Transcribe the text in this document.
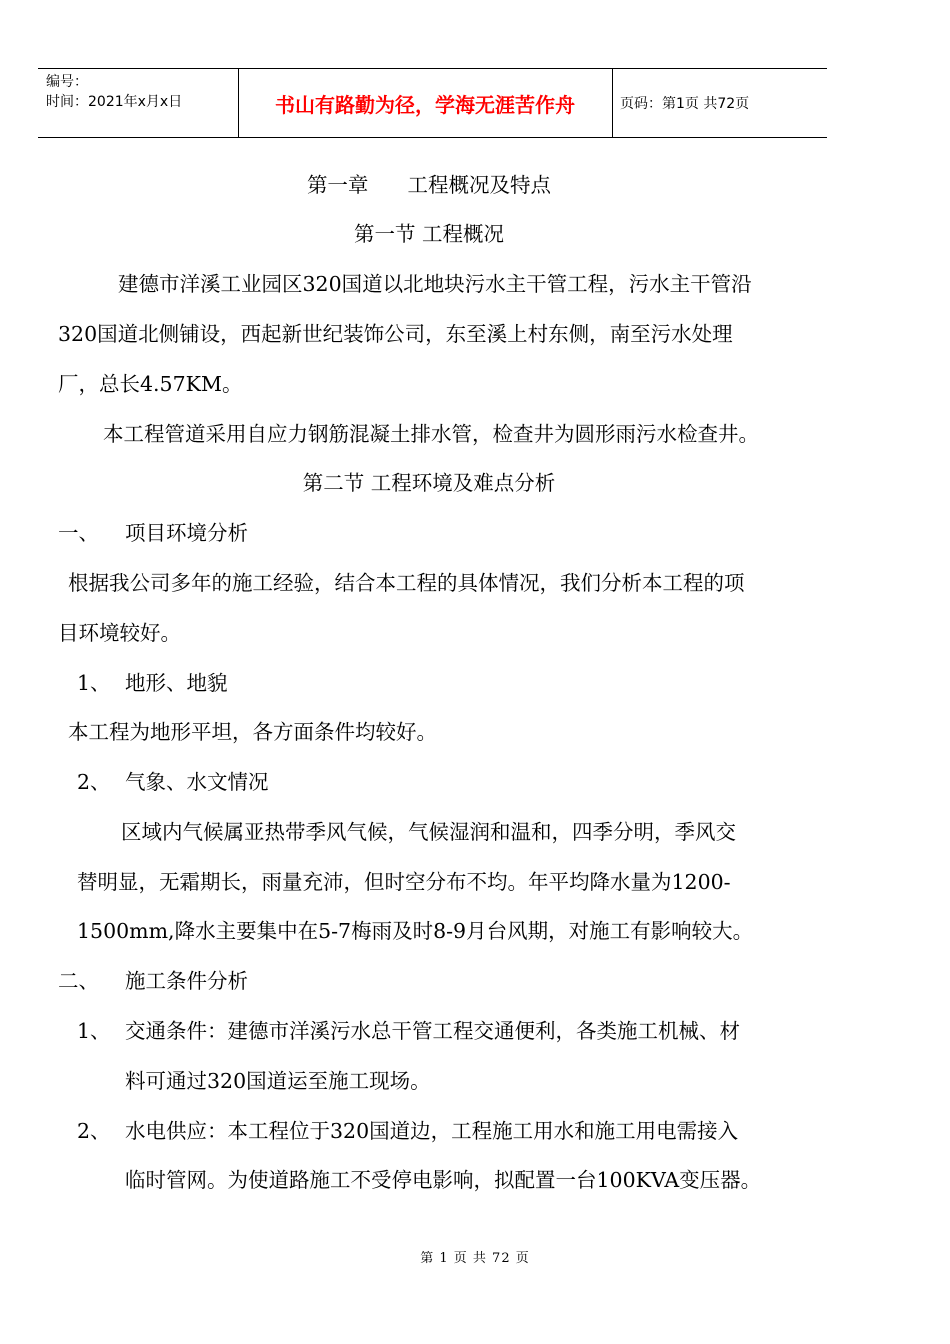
编号：
时间：2021年x月x日	书山有路勤为径，学海无涯苦作舟	页码：第1页 共72页
第一章      工程概况及特点
第一节 工程概况
建德市洋溪工业园区320国道以北地块污水主干管工程，污水主干管沿
320国道北侧铺设，西起新世纪装饰公司，东至溪上村东侧，南至污水处理
厂，总长4.57KM。
本工程管道采用自应力钢筋混凝土排水管，检查井为圆形雨污水检查井。
第二节 工程环境及难点分析
一、 项目环境分析
根据我公司多年的施工经验，结合本工程的具体情况，我们分析本工程的项
目环境较好。
1、 地形、地貌
本工程为地形平坦，各方面条件均较好。
2、 气象、水文情况
区域内气候属亚热带季风气候，气候湿润和温和，四季分明，季风交
替明显，无霜期长，雨量充沛，但时空分布不均。年平均降水量为1200-
1500mm,降水主要集中在5-7梅雨及时8-9月台风期，对施工有影响较大。
二、 施工条件分析
1、 交通条件：建德市洋溪污水总干管工程交通便利，各类施工机械、材
料可通过320国道运至施工现场。
2、 水电供应：本工程位于320国道边，工程施工用水和施工用电需接入
临时管网。为使道路施工不受停电影响，拟配置一台100KVA变压器。
第 1 页 共 72 页
